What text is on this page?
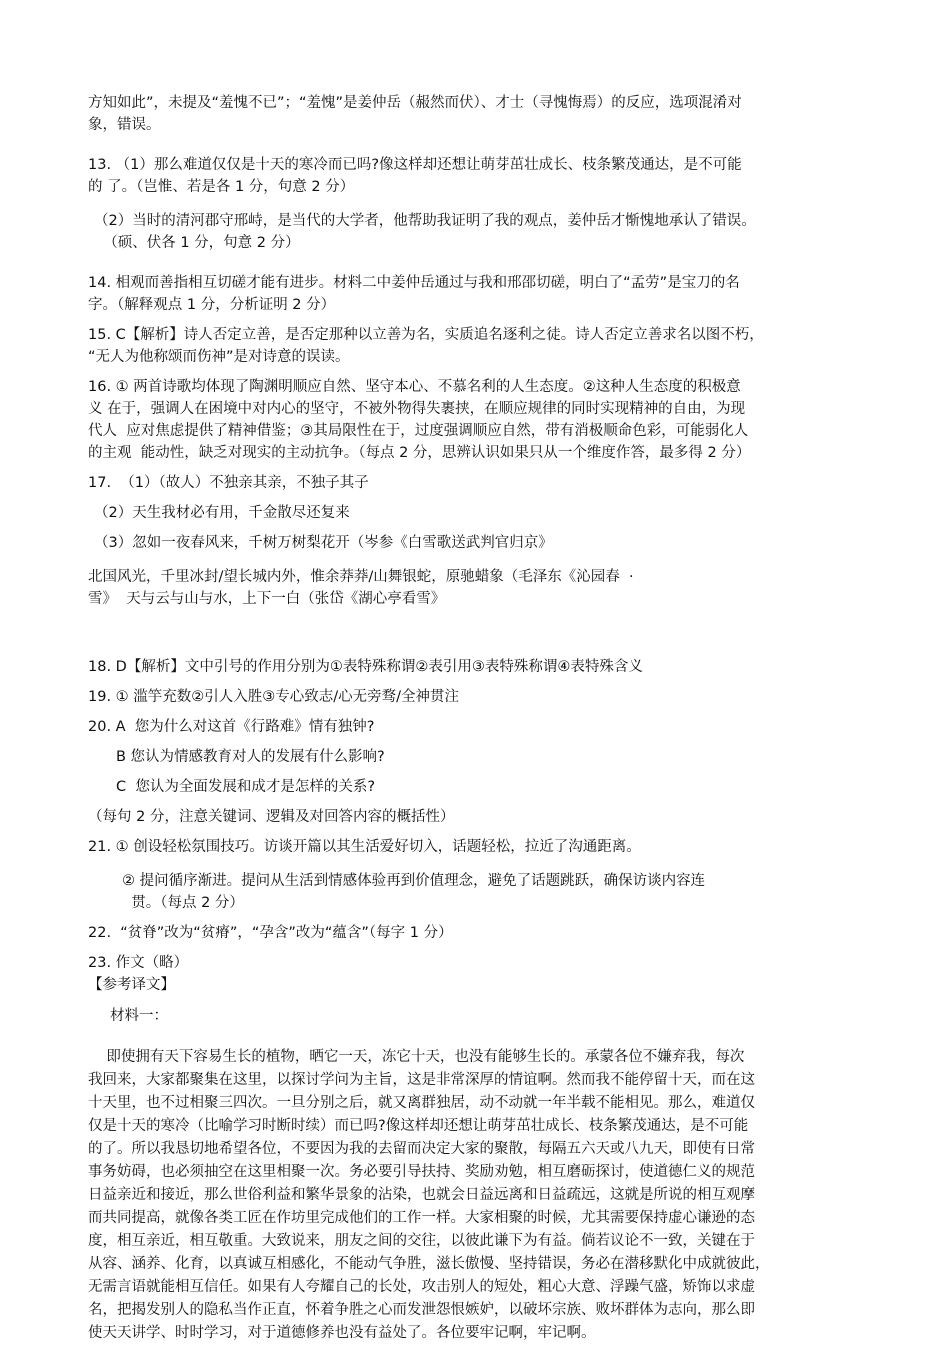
方知如此”，未提及“羞愧不已”；“羞愧”是姜仲岳（赧然而伏）、才士（寻愧悔焉）的反应，选项混淆对
象，错误。
13. （1）那么难道仅仅是十天的寒冷而已吗?像这样却还想让萌芽茁壮成长、枝条繁茂通达，是不可能
的 了。（岂惟、若是各 1 分，句意 2 分）
（2）当时的清河郡守邢峙，是当代的大学者，他帮助我证明了我的观点，姜仲岳才惭愧地承认了错误。
（硕、伏各 1 分，句意 2 分）
14. 相观而善指相互切磋才能有进步。材料二中姜仲岳通过与我和邢邵切磋，明白了“孟劳”是宝刀的名
字。（解释观点 1 分，分析证明 2 分）
15. C【解析】诗人否定立善，是否定那种以立善为名，实质追名逐利之徒。诗人否定立善求名以图不朽，
“无人为他称颂而伤神”是对诗意的误读。
16. ① 两首诗歌均体现了陶渊明顺应自然、坚守本心、不慕名利的人生态度。②这种人生态度的积极意
义 在于，强调人在困境中对内心的坚守，不被外物得失裹挟，在顺应规律的同时实现精神的自由，为现
代人  应对焦虑提供了精神借鉴；③其局限性在于，过度强调顺应自然，带有消极顺命色彩，可能弱化人
的主观  能动性，缺乏对现实的主动抗争。（每点 2 分，思辨认识如果只从一个维度作答，最多得 2 分）
17.  （1）（故人）不独亲其亲，不独子其子
（2）天生我材必有用，千金散尽还复来
（3）忽如一夜春风来，千树万树梨花开（岑参《白雪歌送武判官归京》
北国风光，千里冰封/望长城内外，惟余莽莽/山舞银蛇，原驰蜡象（毛泽东《沁园春  ·
雪》  天与云与山与水，上下一白（张岱《湖心亭看雪》
18. D【解析】文中引号的作用分别为①表特殊称谓②表引用③表特殊称谓④表特殊含义
19. ① 滥竽充数②引人入胜③专心致志/心无旁骛/全神贯注
20. A  您为什么对这首《行路难》情有独钟?
B 您认为情感教育对人的发展有什么影响?
C  您认为全面发展和成才是怎样的关系?
（每句 2 分，注意关键词、逻辑及对回答内容的概括性）
21. ① 创设轻松氛围技巧。访谈开篇以其生活爱好切入，话题轻松，拉近了沟通距离。
② 提问循序渐进。提问从生活到情感体验再到价值理念，避免了话题跳跃，确保访谈内容连
贯。（每点 2 分）
22.  “贫脊”改为“贫瘠”，“孕含”改为“蕴含”（每字 1 分）
23. 作文（略）
【参考译文】
材料一：
即使拥有天下容易生长的植物，晒它一天，冻它十天，也没有能够生长的。承蒙各位不嫌弃我，每次
我回来，大家都聚集在这里，以探讨学问为主旨，这是非常深厚的情谊啊。然而我不能停留十天，而在这
十天里，也不过相聚三四次。一旦分别之后，就又离群独居，动不动就一年半载不能相见。那么，难道仅
仅是十天的寒冷（比喻学习时断时续）而已吗?像这样却还想让萌芽茁壮成长、枝条繁茂通达，是不可能
的了。所以我恳切地希望各位，不要因为我的去留而决定大家的聚散，每隔五六天或八九天，即使有日常
事务妨碍，也必须抽空在这里相聚一次。务必要引导扶持、奖励劝勉，相互磨砺探讨，使道德仁义的规范
日益亲近和接近，那么世俗利益和繁华景象的沾染，也就会日益远离和日益疏远，这就是所说的相互观摩
而共同提高，就像各类工匠在作坊里完成他们的工作一样。大家相聚的时候，尤其需要保持虚心谦逊的态
度，相互亲近，相互敬重。大致说来，朋友之间的交往，以彼此谦下为有益。倘若议论不一致，关键在于
从容、涵养、化育，以真诚互相感化，不能动气争胜，滋长傲慢、坚持错误，务必在潜移默化中成就彼此，
无需言语就能相互信任。如果有人夸耀自己的长处，攻击别人的短处，粗心大意、浮躁气盛，矫饰以求虚
名，把揭发别人的隐私当作正直，怀着争胜之心而发泄怨恨嫉妒，以破坏宗族、败坏群体为志向，那么即
使天天讲学、时时学习，对于道德修养也没有益处了。各位要牢记啊，牢记啊。
